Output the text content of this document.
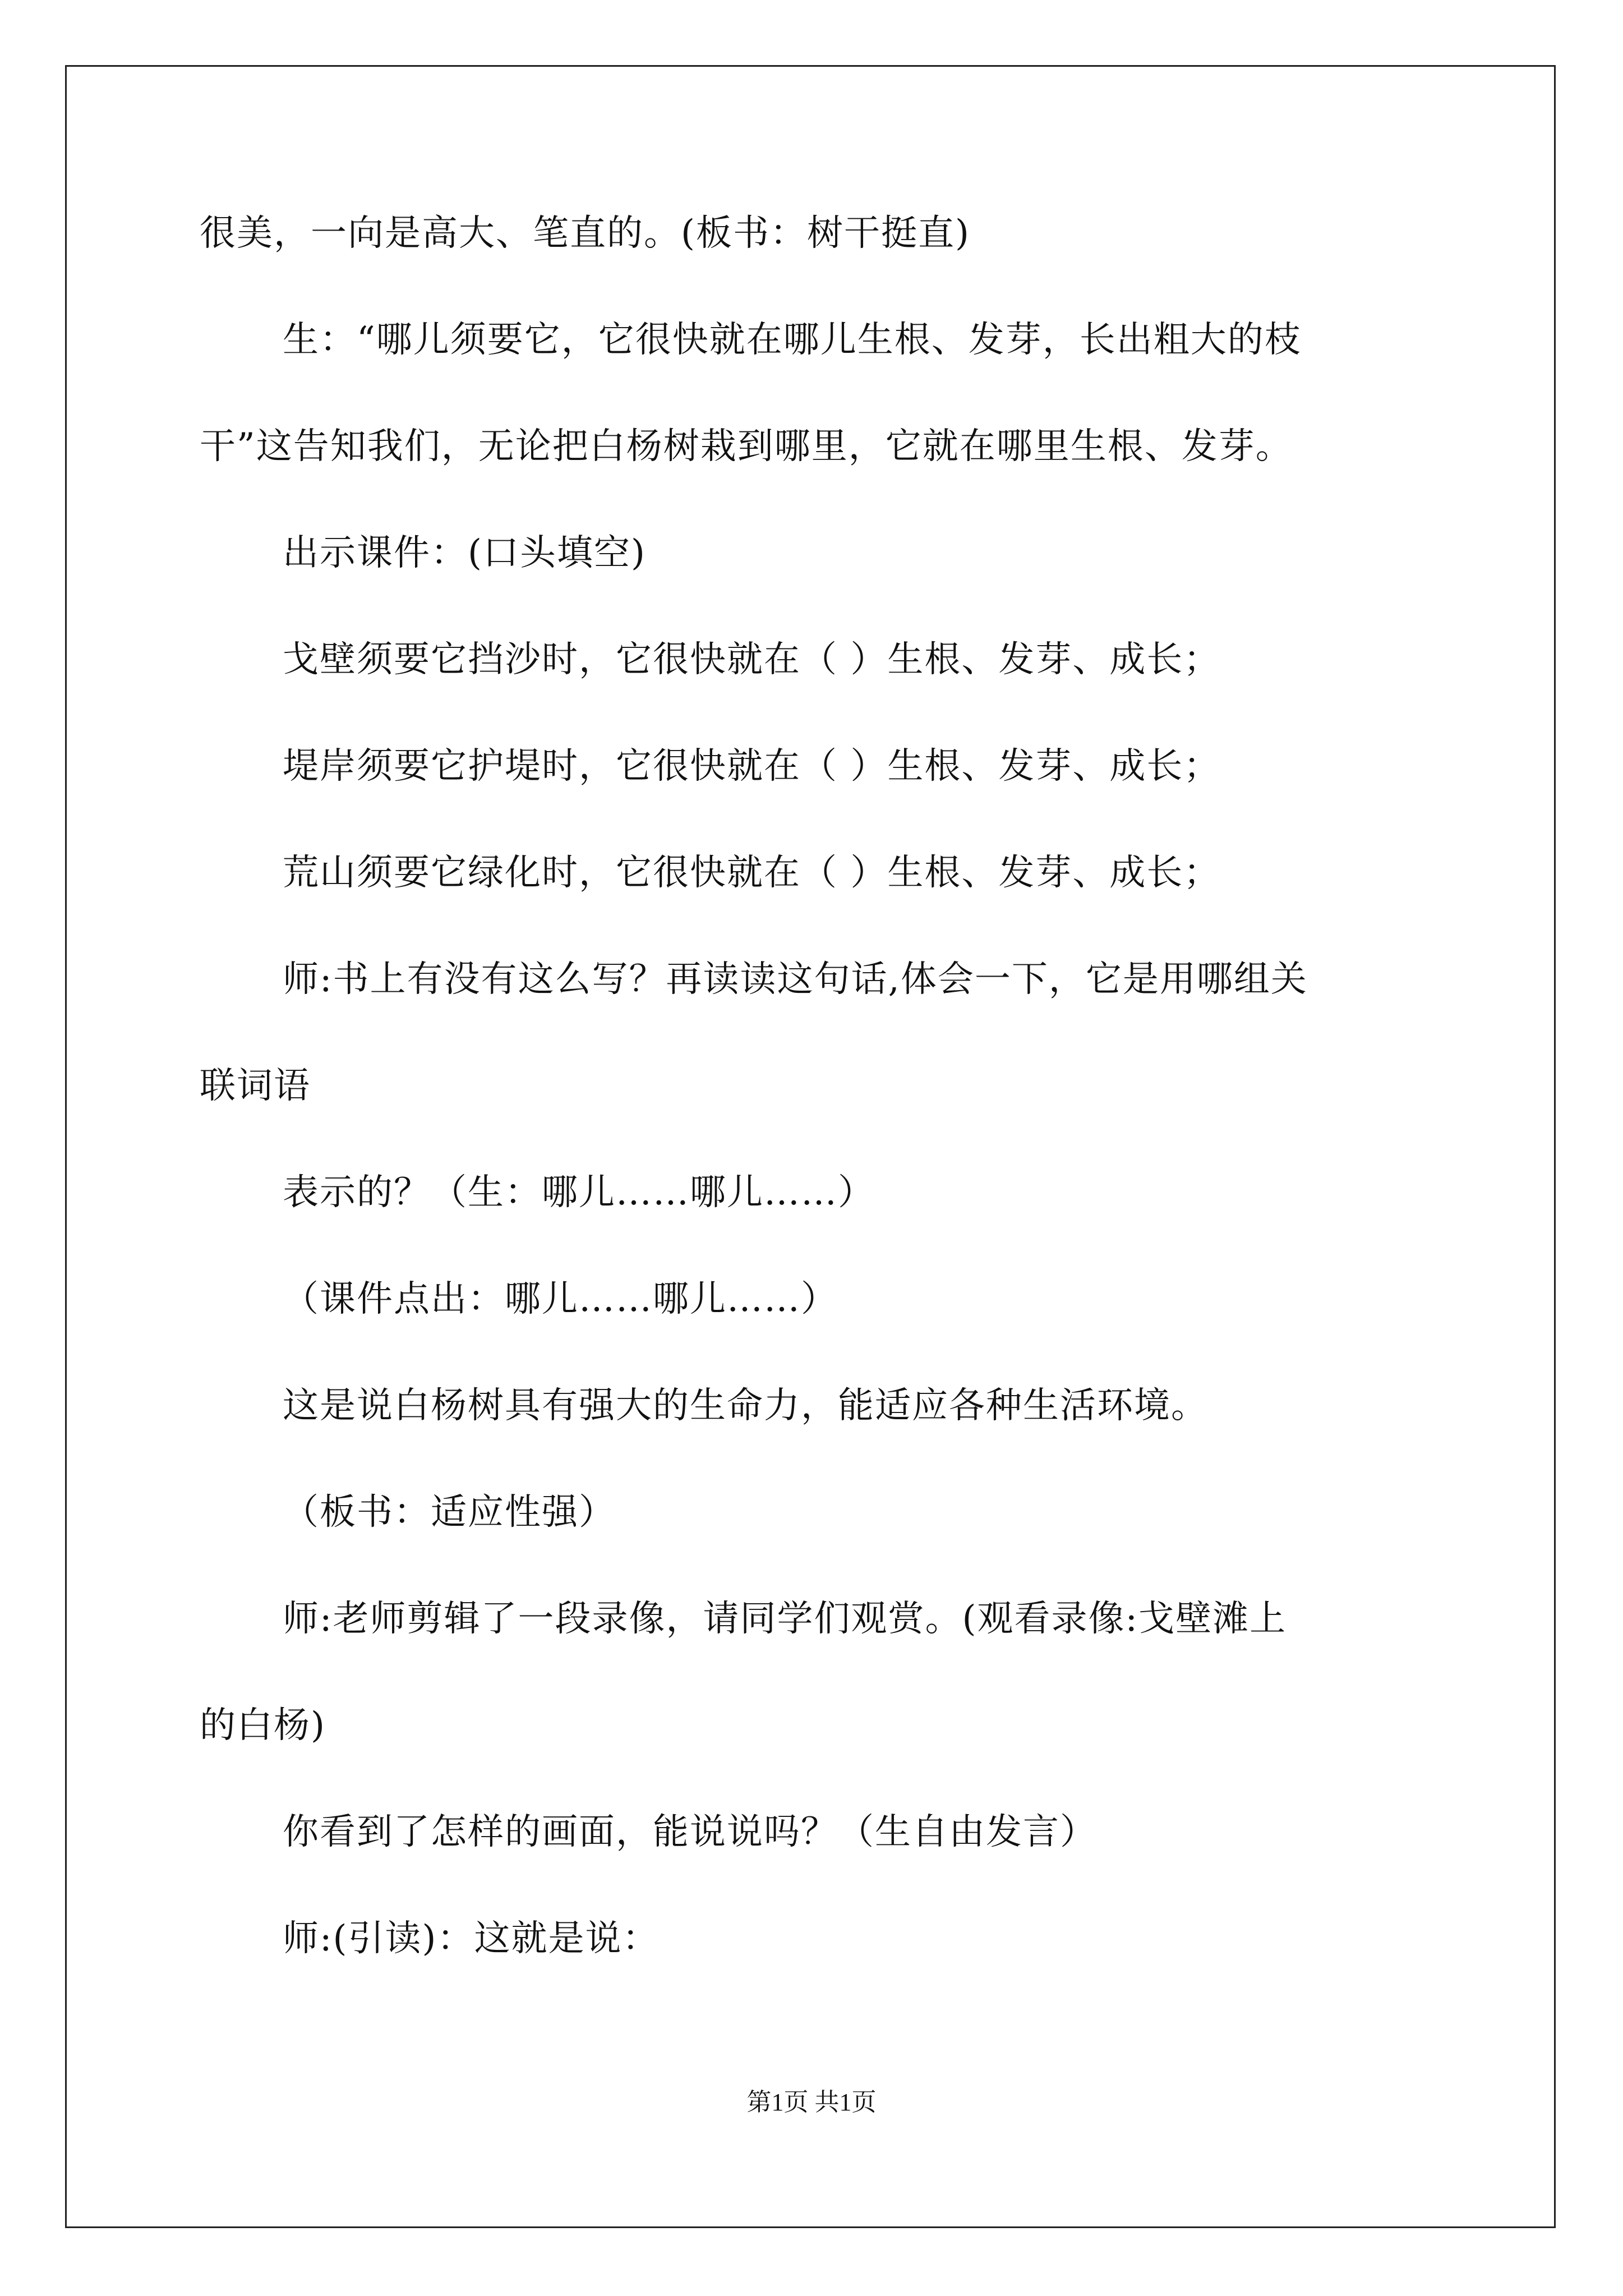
很美，一向是高大、笔直的。(板书：树干挺直)
生：“哪儿须要它，它很快就在哪儿生根、发芽，长出粗大的枝
干”这告知我们，无论把白杨树栽到哪里，它就在哪里生根、发芽。
出示课件：(口头填空)
戈壁须要它挡沙时，它很快就在（ ）生根、发芽、成长；
堤岸须要它护堤时，它很快就在（ ）生根、发芽、成长；
荒山须要它绿化时，它很快就在（ ）生根、发芽、成长；
师:书上有没有这么写？再读读这句话,体会一下，它是用哪组关
联词语
表示的？（生：哪儿……哪儿……）
（课件点出：哪儿……哪儿……）
这是说白杨树具有强大的生命力，能适应各种生活环境。
（板书：适应性强）
师:老师剪辑了一段录像，请同学们观赏。(观看录像:戈壁滩上
的白杨)
你看到了怎样的画面，能说说吗？（生自由发言）
师:(引读)：这就是说：
第1页 共1页
